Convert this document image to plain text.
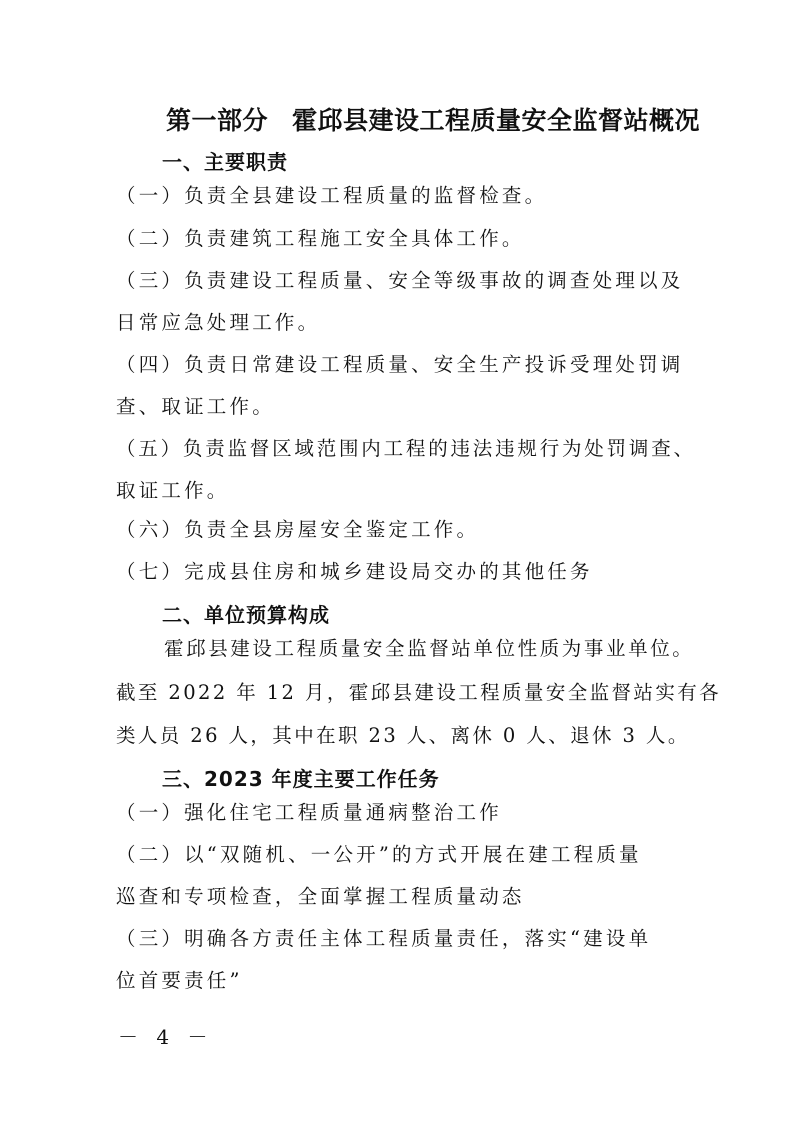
第一部分 霍邱县建设工程质量安全监督站概况
一、主要职责
（一）负责全县建设工程质量的监督检查。
（二）负责建筑工程施工安全具体工作。
（三）负责建设工程质量、安全等级事故的调查处理以及
日常应急处理工作。
（四）负责日常建设工程质量、安全生产投诉受理处罚调
查、取证工作。
（五）负责监督区域范围内工程的违法违规行为处罚调查、
取证工作。
（六）负责全县房屋安全鉴定工作。
（七）完成县住房和城乡建设局交办的其他任务
二、单位预算构成
霍邱县建设工程质量安全监督站单位性质为事业单位。
截至 2022 年 12 月，霍邱县建设工程质量安全监督站实有各
类人员 26 人，其中在职 23 人、离休 0 人、退休 3 人。
三、2023 年度主要工作任务
（一）强化住宅工程质量通病整治工作
（二）以“双随机、一公开”的方式开展在建工程质量
巡查和专项检查，全面掌握工程质量动态
（三）明确各方责任主体工程质量责任，落实“建设单
位首要责任”
－ 4 －
